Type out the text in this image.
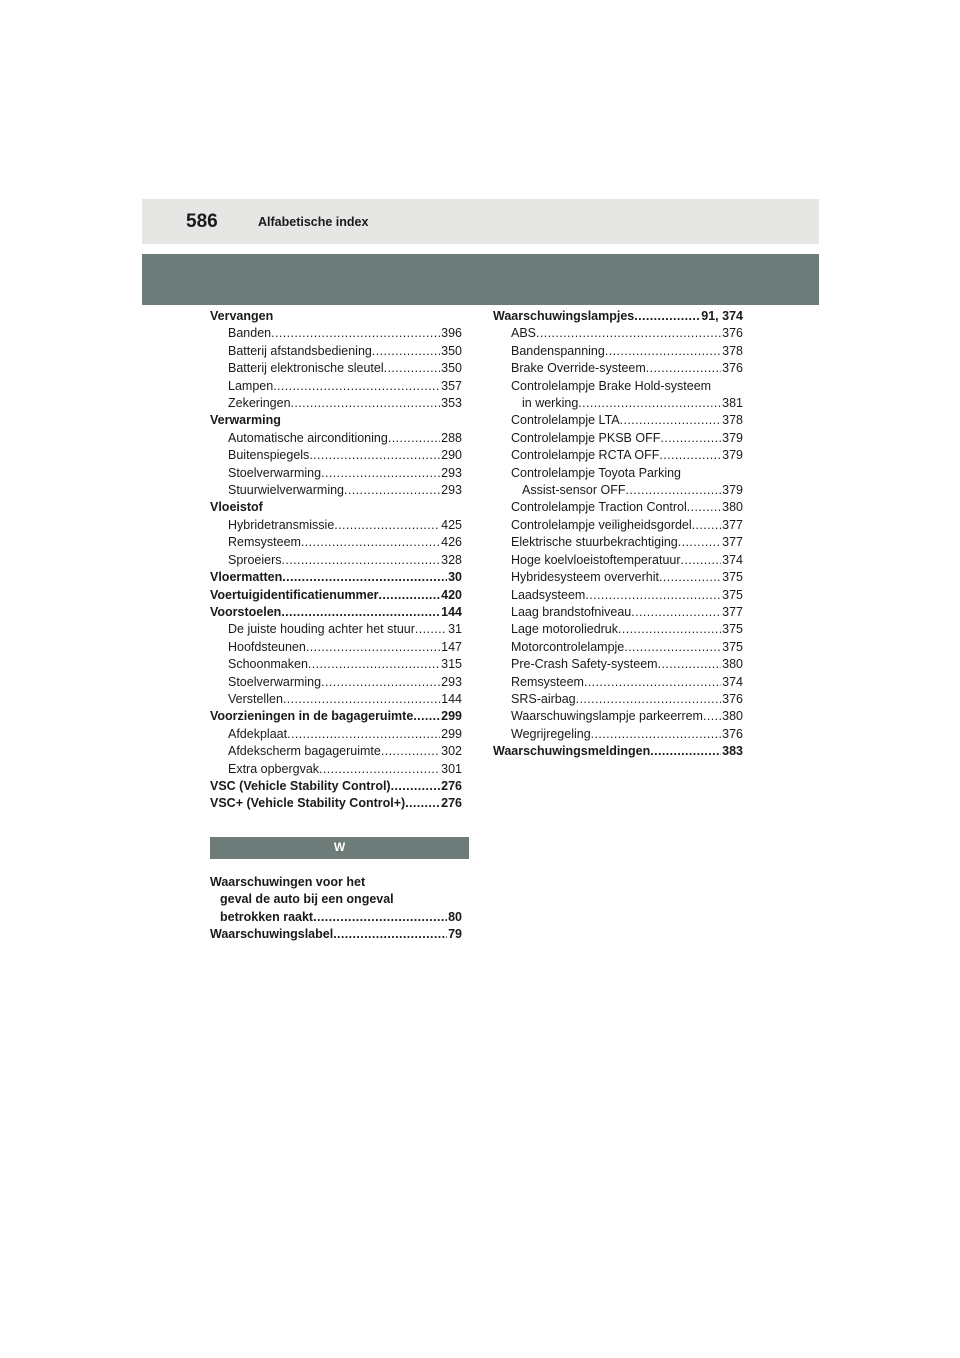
586	Alfabetische index
Vervangen
Banden .....	396
Batterij afstandsbediening .....	350
Batterij elektronische sleutel .....	350
Lampen .....	357
Zekeringen .....	353
Verwarming
Automatische airconditioning .....	288
Buitenspiegels .....	290
Stoelverwarming .....	293
Stuurwielverwarming .....	293
Vloeistof
Hybridetransmissie .....	425
Remsysteem .....	426
Sproeiers .....	328
Vloermatten .....	30
Voertuigidentificatienummer .....	420
Voorstoelen .....	144
De juiste houding achter het stuur .....	31
Hoofdsteunen .....	147
Schoonmaken .....	315
Stoelverwarming .....	293
Verstellen .....	144
Voorzieningen in de bagageruimte ..... 299
Afdekplaat .....	299
Afdekscherm bagageruimte .....	302
Extra opbergvak .....	301
VSC (Vehicle Stability Control) .....	276
VSC+ (Vehicle Stability Control+) .....	276
W
Waarschuwingen voor het
geval de auto bij een ongeval
betrokken raakt .....	80
Waarschuwingslabel .....	79
Waarschuwingslampjes .....	91, 374
ABS .....	376
Bandenspanning .....	378
Brake Override-systeem .....	376
Controlelampje Brake Hold-systeem
in werking .....	381
Controlelampje LTA .....	378
Controlelampje PKSB OFF .....	379
Controlelampje RCTA OFF .....	379
Controlelampje Toyota Parking
Assist-sensor OFF .....	379
Controlelampje Traction Control .....	380
Controlelampje veiligheidsgordel ..... 377
Elektrische stuurbekrachtiging .....	377
Hoge koelvloeistoftemperatuur .....	374
Hybridesysteem oververhit .....	375
Laadsysteem .....	375
Laag brandstofniveau .....	377
Lage motoroliedruk .....	375
Motorcontrolelampje .....	375
Pre-Crash Safety-systeem .....	380
Remsysteem .....	374
SRS-airbag .....	376
Waarschuwingslampje parkeerrem ..... 380
Wegrijregeling .....	376
Waarschuwingsmeldingen .....	383
